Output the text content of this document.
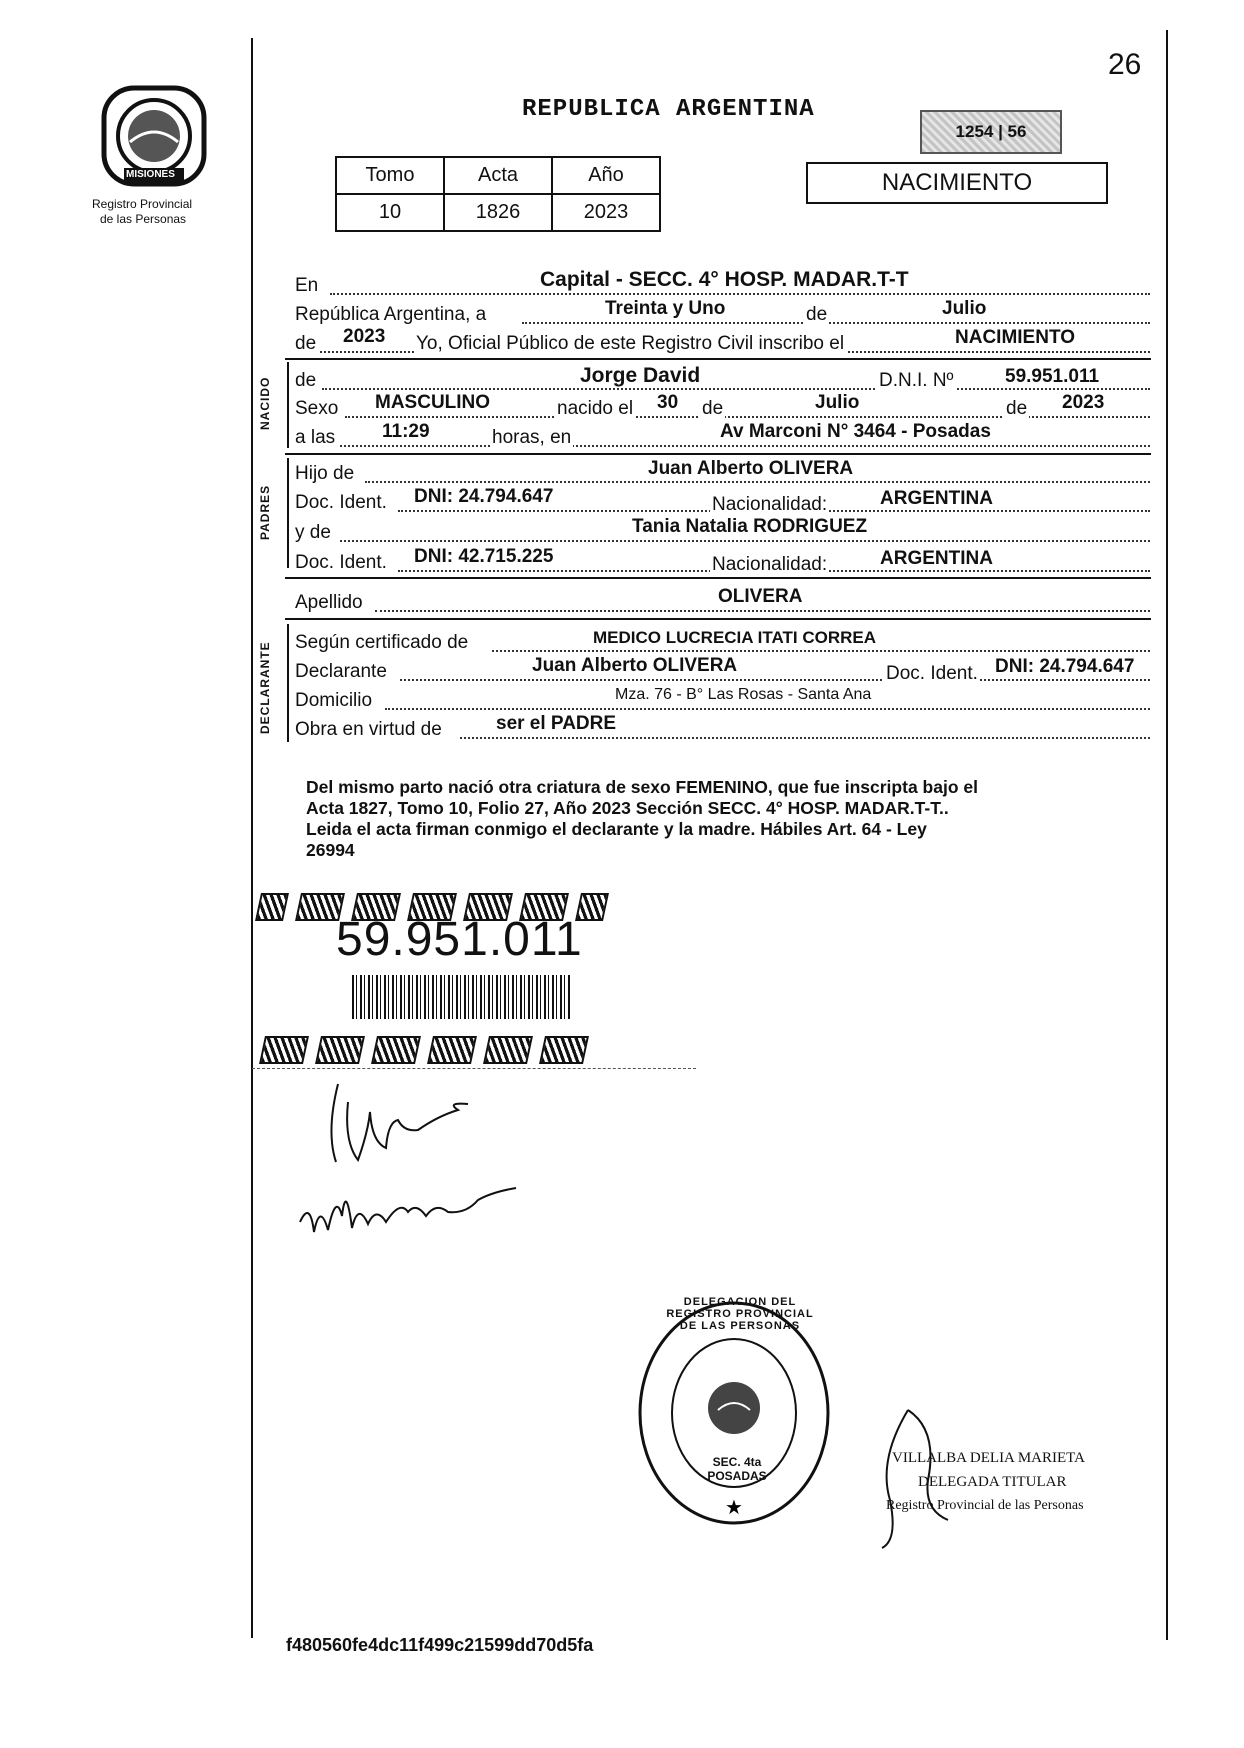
26
MISIONES
Registro Provincial
de las Personas
REPUBLICA ARGENTINA
1254 | 56
NACIMIENTO
Tomo	Acta	Año
10	1826	2023
En	Capital - SECC. 4° HOSP. MADAR.T-T
República Argentina, a	Treinta y Uno	de	Julio
de 2023 Yo, Oficial Público de este Registro Civil inscribo el	NACIMIENTO
NACIDO de	Jorge David	D.N.I. Nº	59.951.011
Sexo MASCULINO	nacido el 30 de	Julio	de 2023
a las 11:29	horas, en	Av Marconi N° 3464 - Posadas
PADRES
Hijo de	Juan Alberto OLIVERA
Doc. Ident. DNI: 24.794.647	Nacionalidad:	ARGENTINA
y de	Tania Natalia RODRIGUEZ
Doc. Ident. DNI: 42.715.225	Nacionalidad:	ARGENTINA
Apellido	OLIVERA
DECLARANTE Según certificado de	MEDICO LUCRECIA ITATI CORREA
Declarante	Juan Alberto OLIVERA	Doc. Ident. DNI: 24.794.647
Domicilio	Mza. 76 - B° Las Rosas - Santa Ana
Obra en virtud de	ser el PADRE
Del mismo parto nació otra criatura de sexo FEMENINO, que fue inscripta bajo el
Acta 1827, Tomo 10, Folio 27, Año 2023 Sección SECC. 4° HOSP. MADAR.T-T..
Leida el acta firman conmigo el declarante y la madre. Hábiles Art. 64 - Ley
26994
59.951.011
★
DELEGACION DEL REGISTRO PROVINCIAL DE LAS PERSONAS
SEC. 4ta POSADAS
VILLALBA DELIA MARIETA
DELEGADA TITULAR
Registro Provincial de las Personas
f480560fe4dc11f499c21599dd70d5fa
